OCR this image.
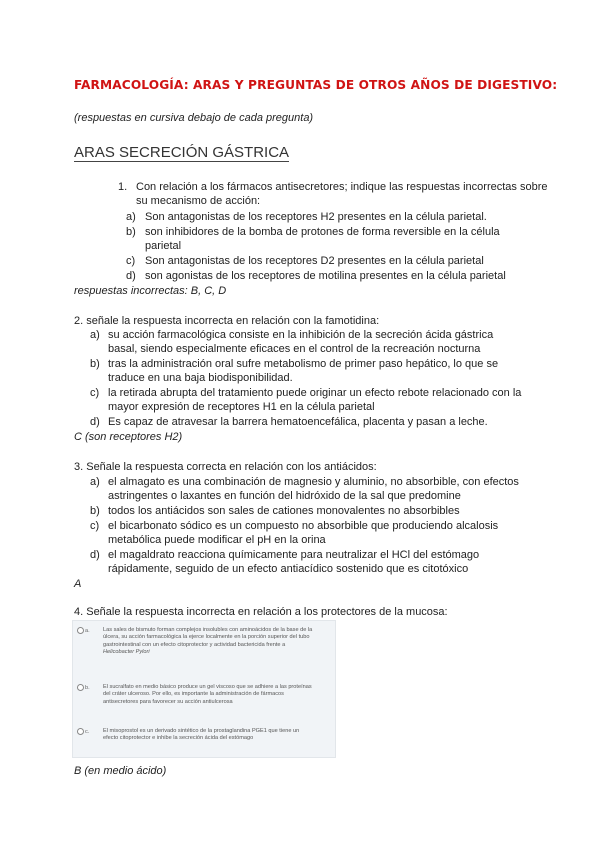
FARMACOLOGÍA: ARAS Y PREGUNTAS DE OTROS AÑOS DE DIGESTIVO:
(respuestas en cursiva debajo de cada pregunta)
ARAS SECRECIÓN GÁSTRICA
1. Con relación a los fármacos antisecretores; indique las respuestas incorrectas sobre
su mecanismo de acción:
a) Son antagonistas de los receptores H2 presentes en la célula parietal.
b) son inhibidores de la bomba de protones de forma reversible en la célula
parietal
c) Son antagonistas de los receptores D2 presentes en la célula parietal
d) son agonistas de los receptores de motilina presentes en la célula parietal
respuestas incorrectas: B, C, D
2. señale la respuesta incorrecta en relación con la famotidina:
a) su acción farmacológica consiste en la inhibición de la secreción ácida gástrica
basal, siendo especialmente eficaces en el control de la recreación nocturna
b) tras la administración oral sufre metabolismo de primer paso hepático, lo que se
traduce en una baja biodisponibilidad.
c) la retirada abrupta del tratamiento puede originar un efecto rebote relacionado con la
mayor expresión de receptores H1 en la célula parietal
d) Es capaz de atravesar la barrera hematoencefálica, placenta y pasan a leche.
C (son receptores H2)
3. Señale la respuesta correcta en relación con los antiácidos:
a) el almagato es una combinación de magnesio y aluminio, no absorbible, con efectos
astringentes o laxantes en función del hidróxido de la sal que predomine
b) todos los antiácidos son sales de cationes monovalentes no absorbibles
c) el bicarbonato sódico es un compuesto no absorbible que produciendo alcalosis
metabólica puede modificar el pH en la orina
d) el magaldrato reacciona químicamente para neutralizar el HCl del estómago
rápidamente, seguido de un efecto antiacídico sostenido que es citotóxico
A
4. Señale la respuesta incorrecta en relación a los protectores de la mucosa:
a. Las sales de bismuto forman complejos insolubles con aminoácidos de la base de la
úlcera, su acción farmacológica la ejerce localmente en la porción superior del tubo
gastrointestinal con un efecto citoprotector y actividad bactericida frente a
Helicobacter Pylori
b. El sucralfato en medio básico produce un gel viscoso que se adhiere a las proteínas
del cráter ulceroso. Por ello, es importante la administración de fármacos
antisecretores para favorecer su acción antiulcerosa
c. El misoprostol es un derivado sintético de la prostaglandina PGE1 que tiene un
efecto citoprotector e inhibe la secreción ácida del estómago
B (en medio ácido)
